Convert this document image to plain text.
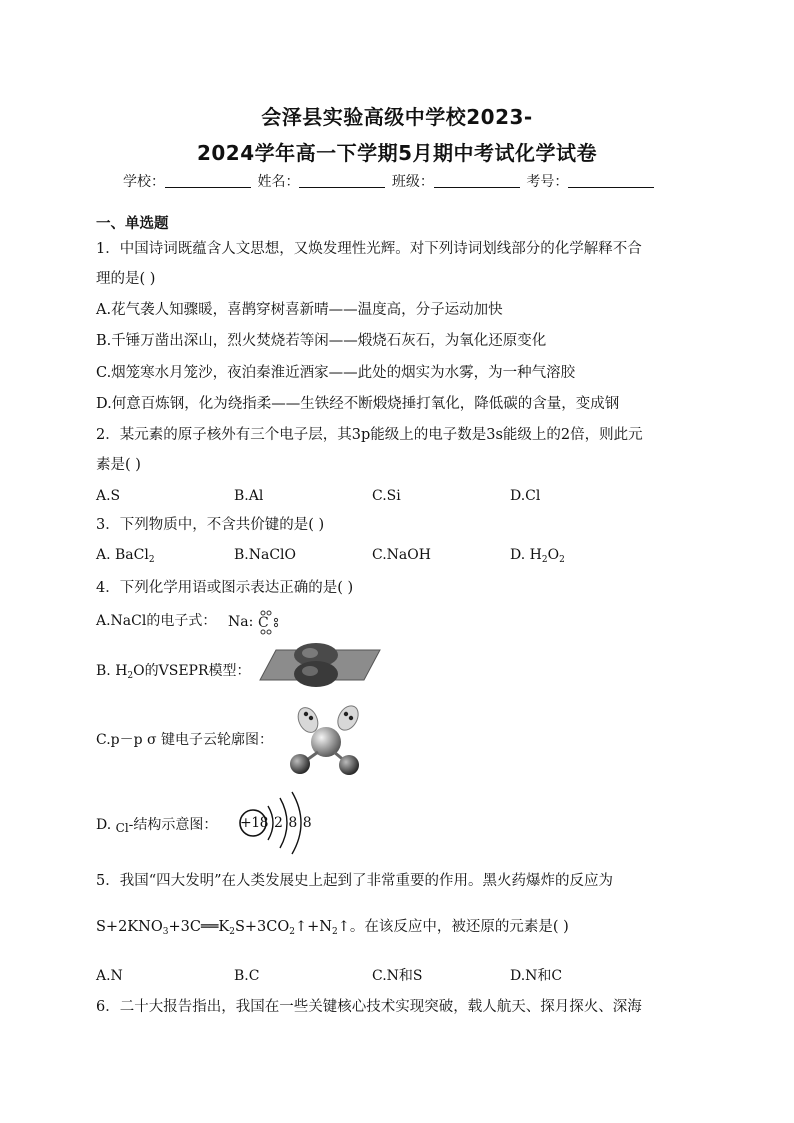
会泽县实验高级中学校2023-
2024学年高一下学期5月期中考试化学试卷
学校：	姓名：	班级：	考号：
一、单选题
1．中国诗词既蕴含人文思想，又焕发理性光辉。对下列诗词划线部分的化学解释不合
理的是( )
A.花气袭人知骤暖，喜鹊穿树喜新晴——温度高，分子运动加快
B.千锤万凿出深山，烈火焚烧若等闲——煅烧石灰石，为氧化还原变化
C.烟笼寒水月笼沙，夜泊秦淮近酒家——此处的烟实为水雾，为一种气溶胶
D.何意百炼钢，化为绕指柔——生铁经不断煅烧捶打氧化，降低碳的含量，变成钢
2．某元素的原子核外有三个电子层，其3p能级上的电子数是3s能级上的2倍，则此元
素是( )
A.S	B.Al	C.Si	D.Cl
3．下列物质中，不含共价键的是( )
A. BaCl$_2$	B.NaClO	C.NaOH	D. $H_2O_2$
4．下列化学用语或图示表达正确的是( )
A.NaCl的电子式： Na: C
B. $H_2O$的VSEPR模型：
C.p－p σ 键电子云轮廓图：
D. Cl-结构示意图： +18 2 8 8
5．我国“四大发明”在人类发展史上起到了非常重要的作用。黑火药爆炸的反应为
$S+2KNO_3+3C══K_2S+3CO_2↑+N_2↑$。在该反应中，被还原的元素是( )
A.N	B.C	C.N和S	D.N和C
6．二十大报告指出，我国在一些关键核心技术实现突破，载人航天、探月探火、深海
